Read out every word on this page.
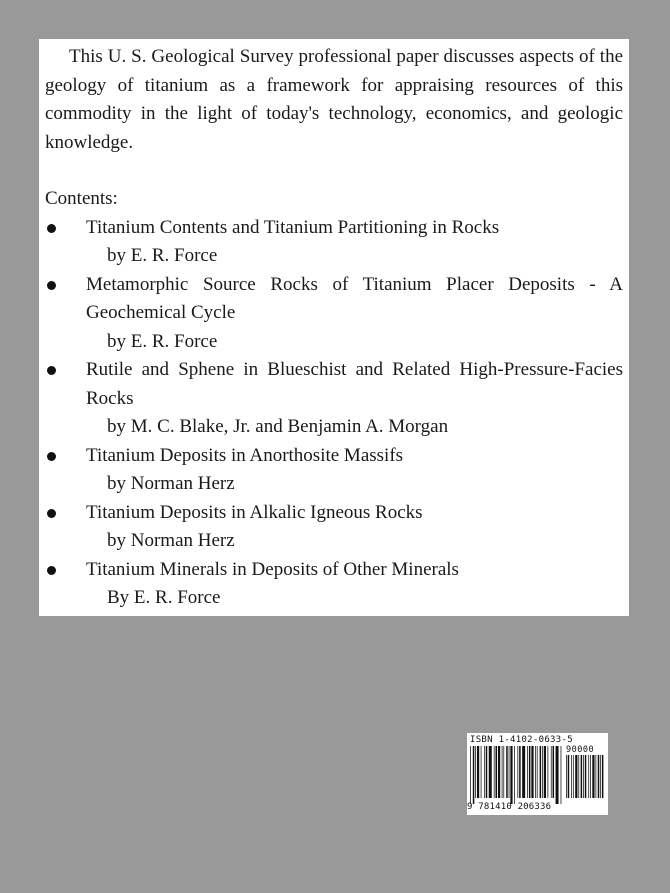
This U. S. Geological Survey professional paper discusses aspects of the geology of titanium as a framework for appraising resources of this commodity in the light of today's technology, economics, and geologic knowledge.

Contents:
Titanium Contents and Titanium Partitioning in Rocks
by E. R. Force
Metamorphic Source Rocks of Titanium Placer Deposits - A Geochemical Cycle
by E. R. Force
Rutile and Sphene in Blueschist and Related High-Pressure-Facies Rocks
by M. C. Blake, Jr. and Benjamin A. Morgan
Titanium Deposits in Anorthosite Massifs
by Norman Herz
Titanium Deposits in Alkalic Igneous Rocks
by Norman Herz
Titanium Minerals in Deposits of Other Minerals
By E. R. Force
ISBN 1-4102-0633-5
90000
9 781410 206336
